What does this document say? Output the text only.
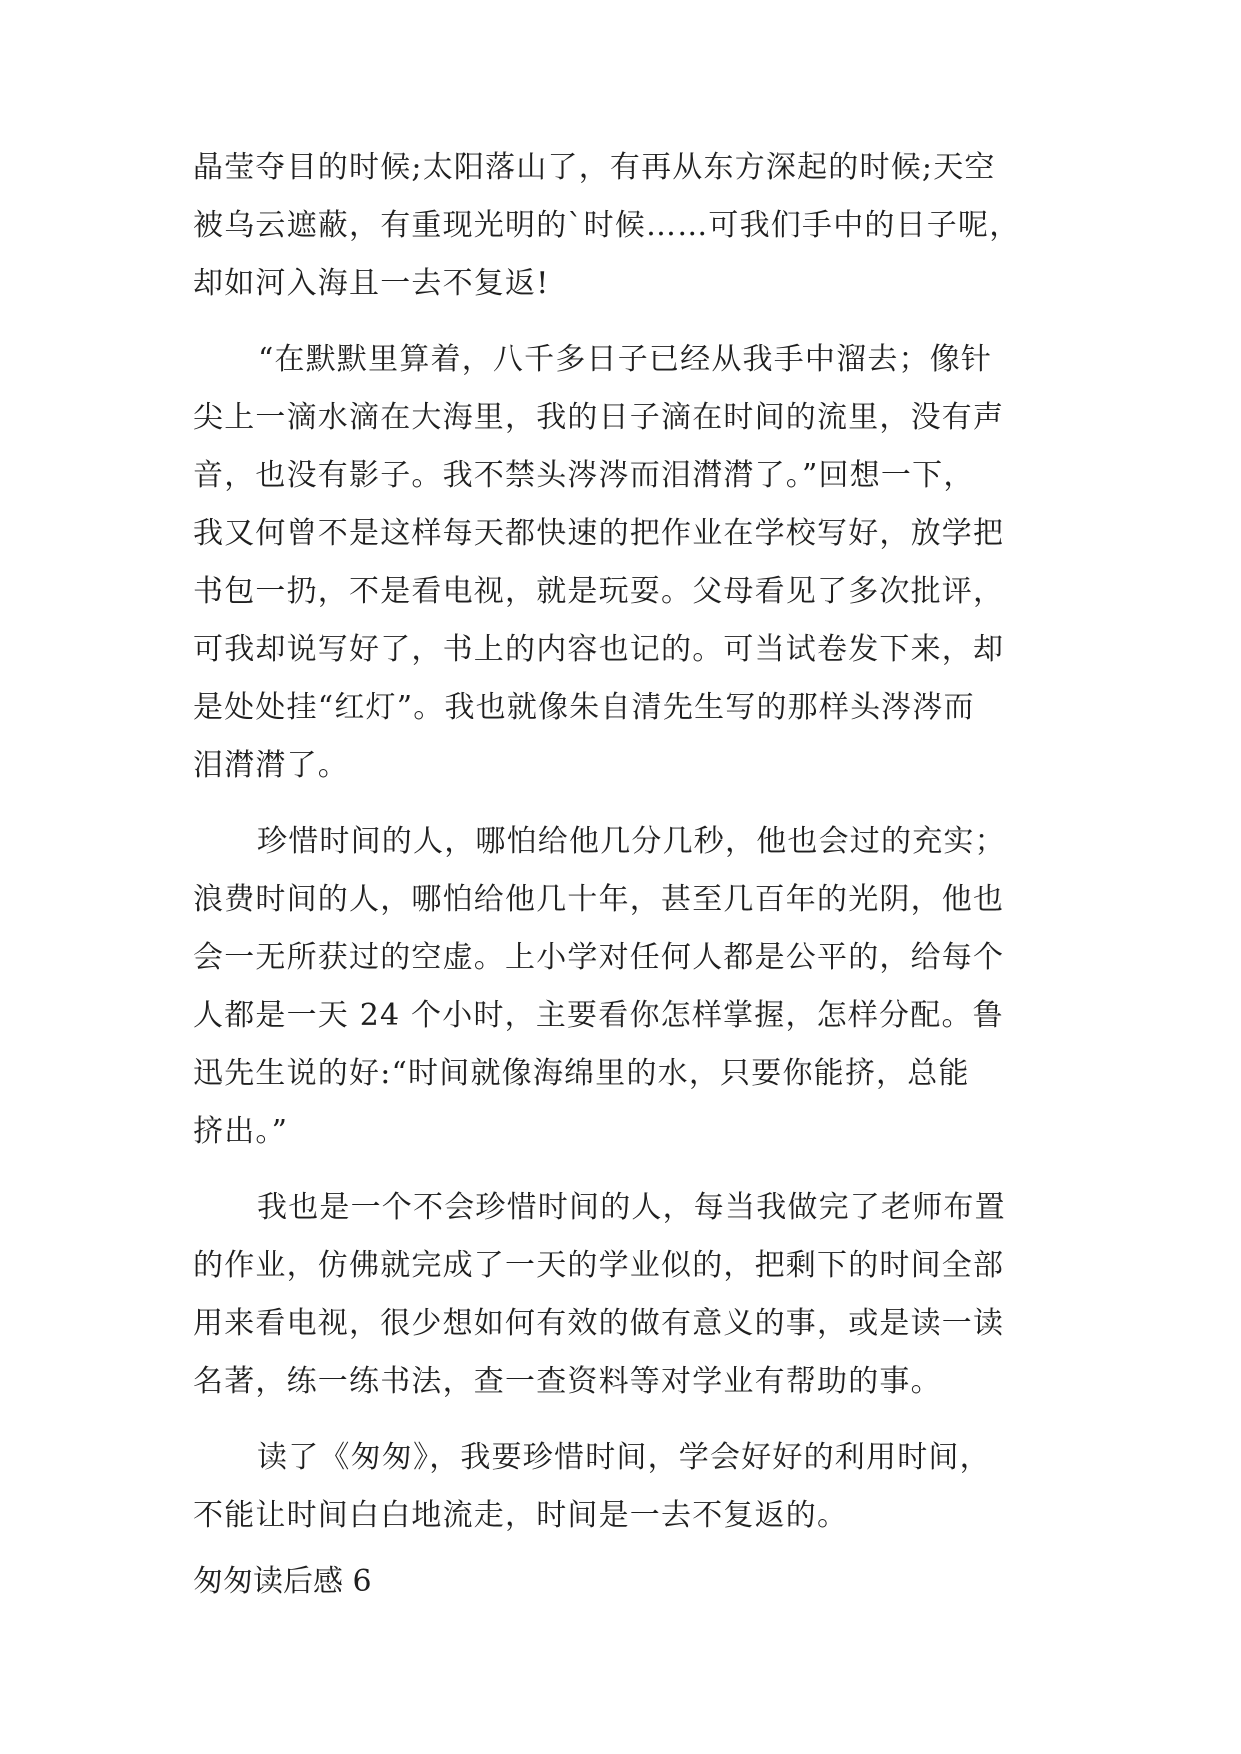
晶莹夺目的时候;太阳落山了，有再从东方深起的时候;天空
被乌云遮蔽，有重现光明的`时候……可我们手中的日子呢，
却如河入海且一去不复返!
“在默默里算着，八千多日子已经从我手中溜去；像针
尖上一滴水滴在大海里，我的日子滴在时间的流里，没有声
音，也没有影子。我不禁头涔涔而泪潸潸了。”回想一下，
我又何曾不是这样每天都快速的把作业在学校写好，放学把
书包一扔，不是看电视，就是玩耍。父母看见了多次批评，
可我却说写好了，书上的内容也记的。可当试卷发下来，却
是处处挂“红灯”。我也就像朱自清先生写的那样头涔涔而
泪潸潸了。
珍惜时间的人，哪怕给他几分几秒，他也会过的充实；
浪费时间的人，哪怕给他几十年，甚至几百年的光阴，他也
会一无所获过的空虚。上小学对任何人都是公平的，给每个
人都是一天 24 个小时，主要看你怎样掌握，怎样分配。鲁
迅先生说的好:“时间就像海绵里的水，只要你能挤，总能
挤出。”
我也是一个不会珍惜时间的人，每当我做完了老师布置
的作业，仿佛就完成了一天的学业似的，把剩下的时间全部
用来看电视，很少想如何有效的做有意义的事，或是读一读
名著，练一练书法，查一查资料等对学业有帮助的事。
读了《匆匆》，我要珍惜时间，学会好好的利用时间，
不能让时间白白地流走，时间是一去不复返的。
匆匆读后感 6
